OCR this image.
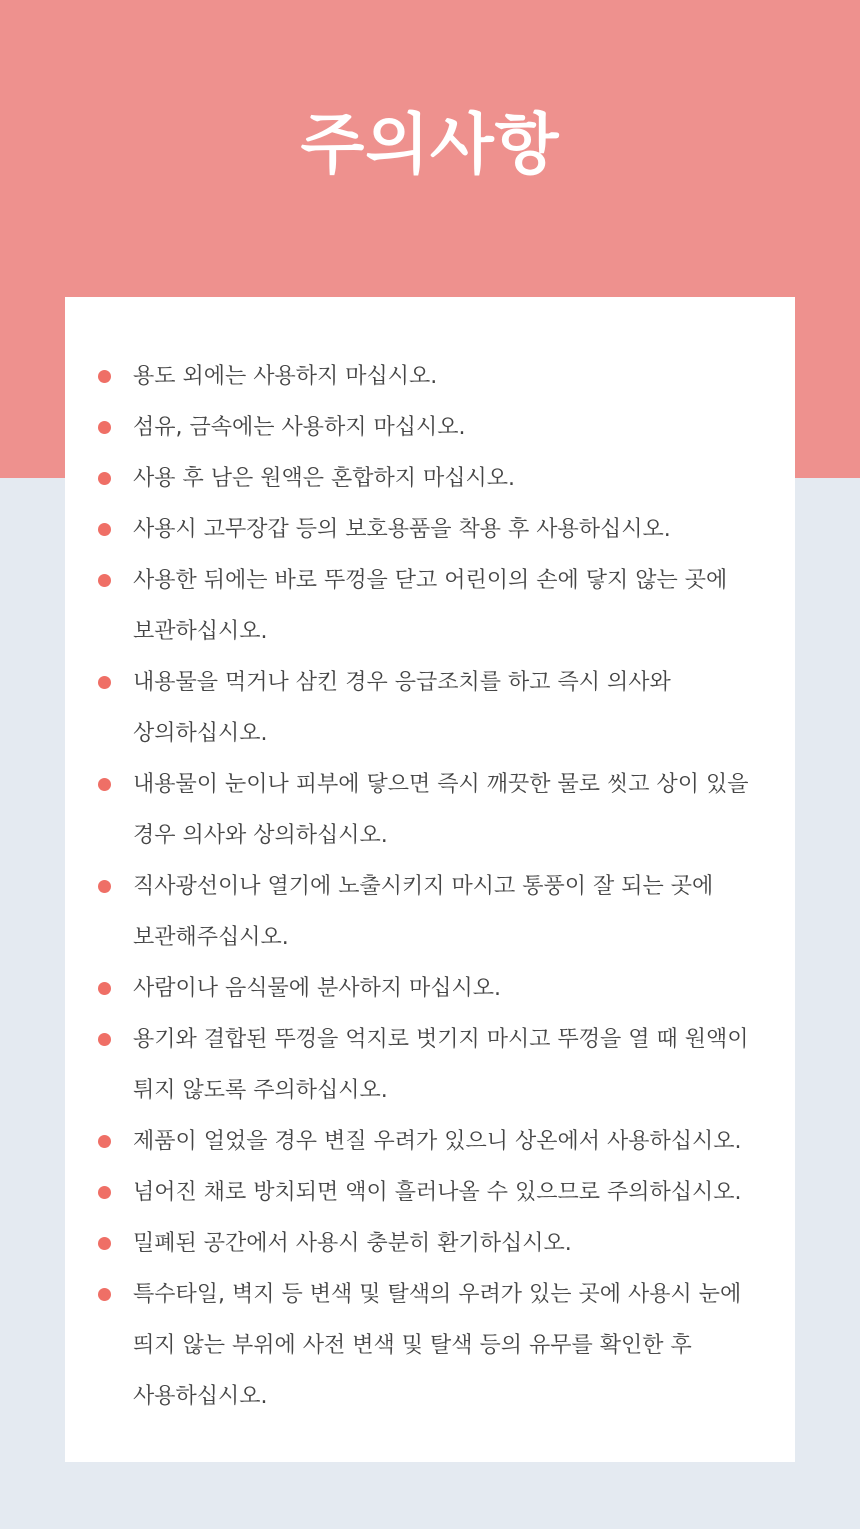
주의사항
용도 외에는 사용하지 마십시오.
섬유, 금속에는 사용하지 마십시오.
사용 후 남은 원액은 혼합하지 마십시오.
사용시 고무장갑 등의 보호용품을 착용 후 사용하십시오.
사용한 뒤에는 바로 뚜껑을 닫고 어린이의 손에 닿지 않는 곳에 보관하십시오.
내용물을 먹거나 삼킨 경우 응급조치를 하고 즉시 의사와 상의하십시오.
내용물이 눈이나 피부에 닿으면 즉시 깨끗한 물로 씻고 상이 있을 경우 의사와 상의하십시오.
직사광선이나 열기에 노출시키지 마시고 통풍이 잘 되는 곳에 보관해주십시오.
사람이나 음식물에 분사하지 마십시오.
용기와 결합된 뚜껑을 억지로 벗기지 마시고 뚜껑을 열 때 원액이 튀지 않도록 주의하십시오.
제품이 얼었을 경우 변질 우려가 있으니 상온에서 사용하십시오.
넘어진 채로 방치되면 액이 흘러나올 수 있으므로 주의하십시오.
밀폐된 공간에서 사용시 충분히 환기하십시오.
특수타일, 벽지 등 변색 및 탈색의 우려가 있는 곳에 사용시 눈에 띄지 않는 부위에 사전 변색 및 탈색 등의 유무를 확인한 후 사용하십시오.
